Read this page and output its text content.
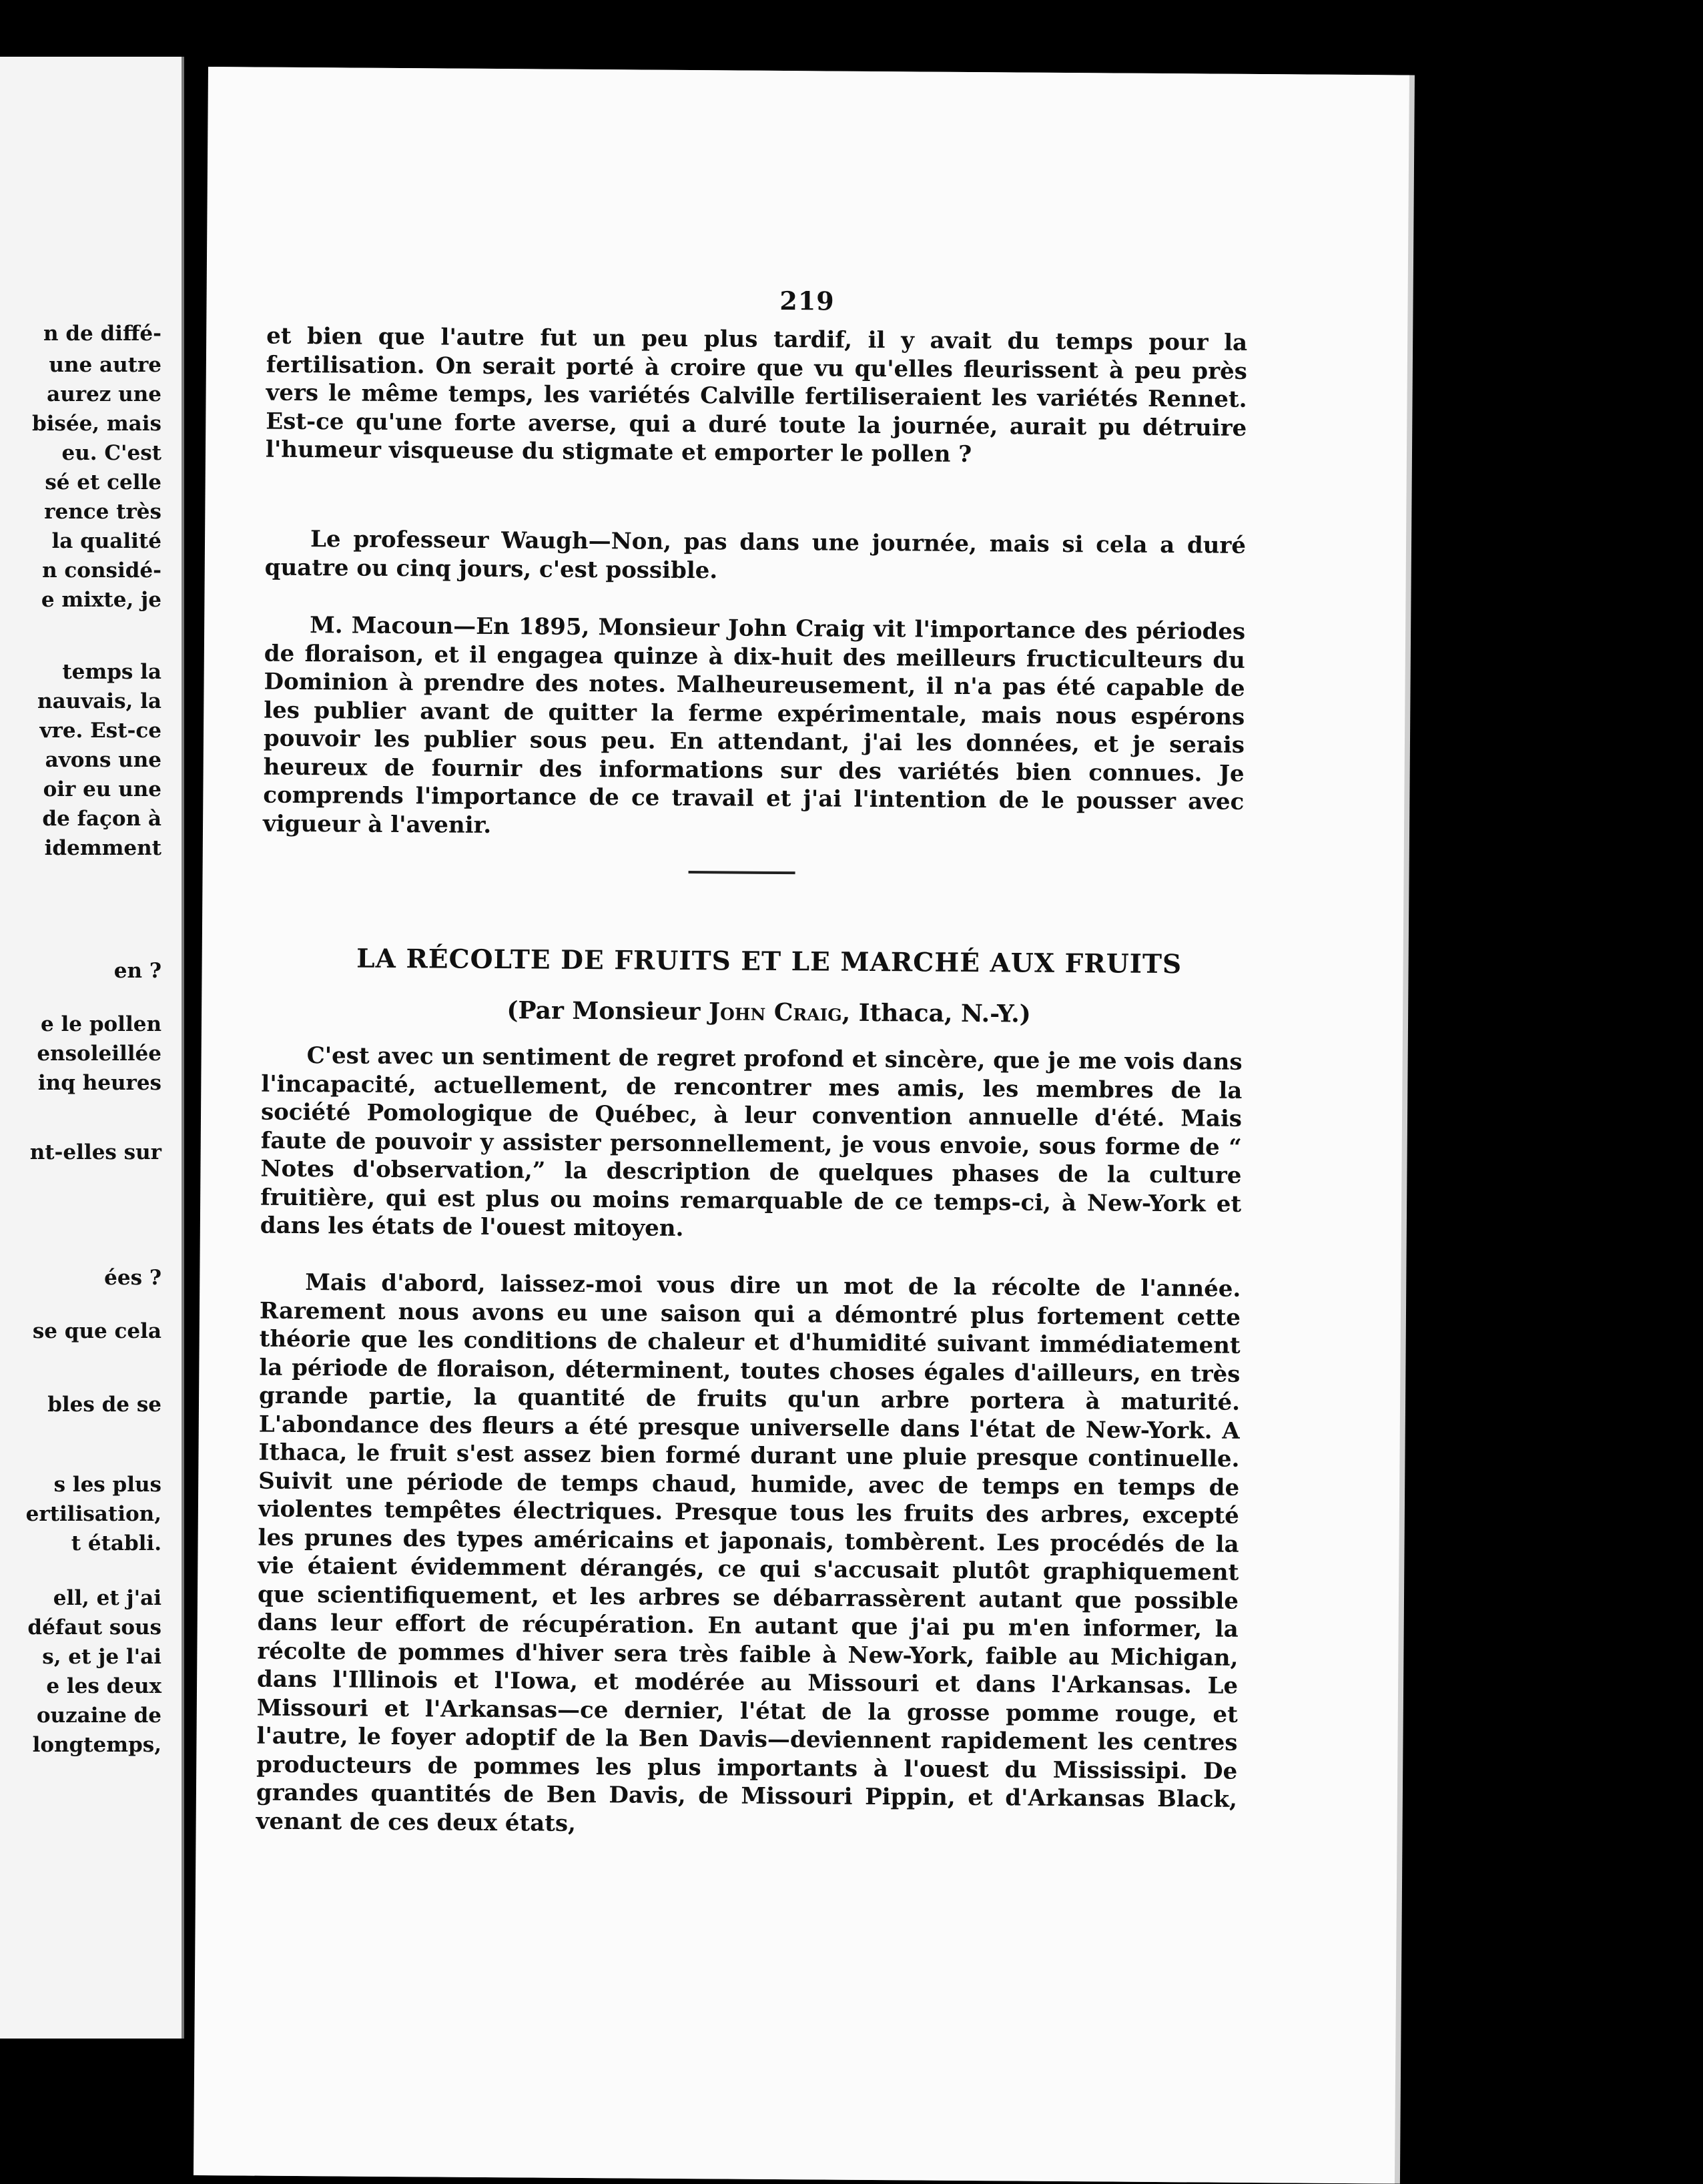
n de diffé-
une autre
aurez une
bisée, mais
eu. C'est
sé et celle
rence très
la qualité
n considé-
e mixte, je
temps la
nauvais, la
vre. Est-ce
avons une
oir eu une
de façon à
idemment
en ?
e le pollen
ensoleillée
inq heures
nt-elles sur
ées ?
se que cela
bles de se
s les plus
ertilisation,
t établi.
ell, et j'ai
défaut sous
s, et je l'ai
e les deux
ouzaine de
longtemps,
219

et bien que l'autre fut un peu plus tardif, il y avait du temps pour la fertilisation. On serait porté à croire que vu qu'elles fleurissent à peu près vers le même temps, les variétés Calville fertiliseraient les variétés Rennet. Est-ce qu'une forte averse, qui a duré toute la journée, aurait pu détruire l'humeur visqueuse du stigmate et emporter le pollen ?

Le professeur Waugh—Non, pas dans une journée, mais si cela a duré quatre ou cinq jours, c'est possible.

M. Macoun—En 1895, Monsieur John Craig vit l'importance des périodes de floraison, et il engagea quinze à dix-huit des meilleurs fructiculteurs du Dominion à prendre des notes. Malheureusement, il n'a pas été capable de les publier avant de quitter la ferme expérimentale, mais nous espérons pouvoir les publier sous peu. En attendant, j'ai les données, et je serais heureux de fournir des informations sur des variétés bien connues. Je comprends l'importance de ce travail et j'ai l'intention de le pousser avec vigueur à l'avenir.

LA RÉCOLTE DE FRUITS ET LE MARCHÉ AUX FRUITS
(Par Monsieur John Craig, Ithaca, N.-Y.)

C'est avec un sentiment de regret profond et sincère, que je me vois dans l'incapacité, actuellement, de rencontrer mes amis, les membres de la société Pomologique de Québec, à leur convention annuelle d'été. Mais faute de pouvoir y assister personnellement, je vous envoie, sous forme de “ Notes d'observation,” la description de quelques phases de la culture fruitière, qui est plus ou moins remarquable de ce temps-ci, à New-York et dans les états de l'ouest mitoyen.

Mais d'abord, laissez-moi vous dire un mot de la récolte de l'année. Rarement nous avons eu une saison qui a démontré plus fortement cette théorie que les conditions de chaleur et d'humidité suivant immédiatement la période de floraison, déterminent, toutes choses égales d'ailleurs, en très grande partie, la quantité de fruits qu'un arbre portera à maturité. L'abondance des fleurs a été presque universelle dans l'état de New-York. A Ithaca, le fruit s'est assez bien formé durant une pluie presque continuelle. Suivit une période de temps chaud, humide, avec de temps en temps de violentes tempêtes électriques. Presque tous les fruits des arbres, excepté les prunes des types américains et japonais, tombèrent. Les procédés de la vie étaient évidemment dérangés, ce qui s'accusait plutôt graphiquement que scientifiquement, et les arbres se débarrassèrent autant que possible dans leur effort de récupération. En autant que j'ai pu m'en informer, la récolte de pommes d'hiver sera très faible à New-York, faible au Michigan, dans l'Illinois et l'Iowa, et modérée au Missouri et dans l'Arkansas. Le Missouri et l'Arkansas—ce dernier, l'état de la grosse pomme rouge, et l'autre, le foyer adoptif de la Ben Davis—deviennent rapidement les centres producteurs de pommes les plus importants à l'ouest du Mississipi. De grandes quantités de Ben Davis, de Missouri Pippin, et d'Arkansas Black, venant de ces deux états,
